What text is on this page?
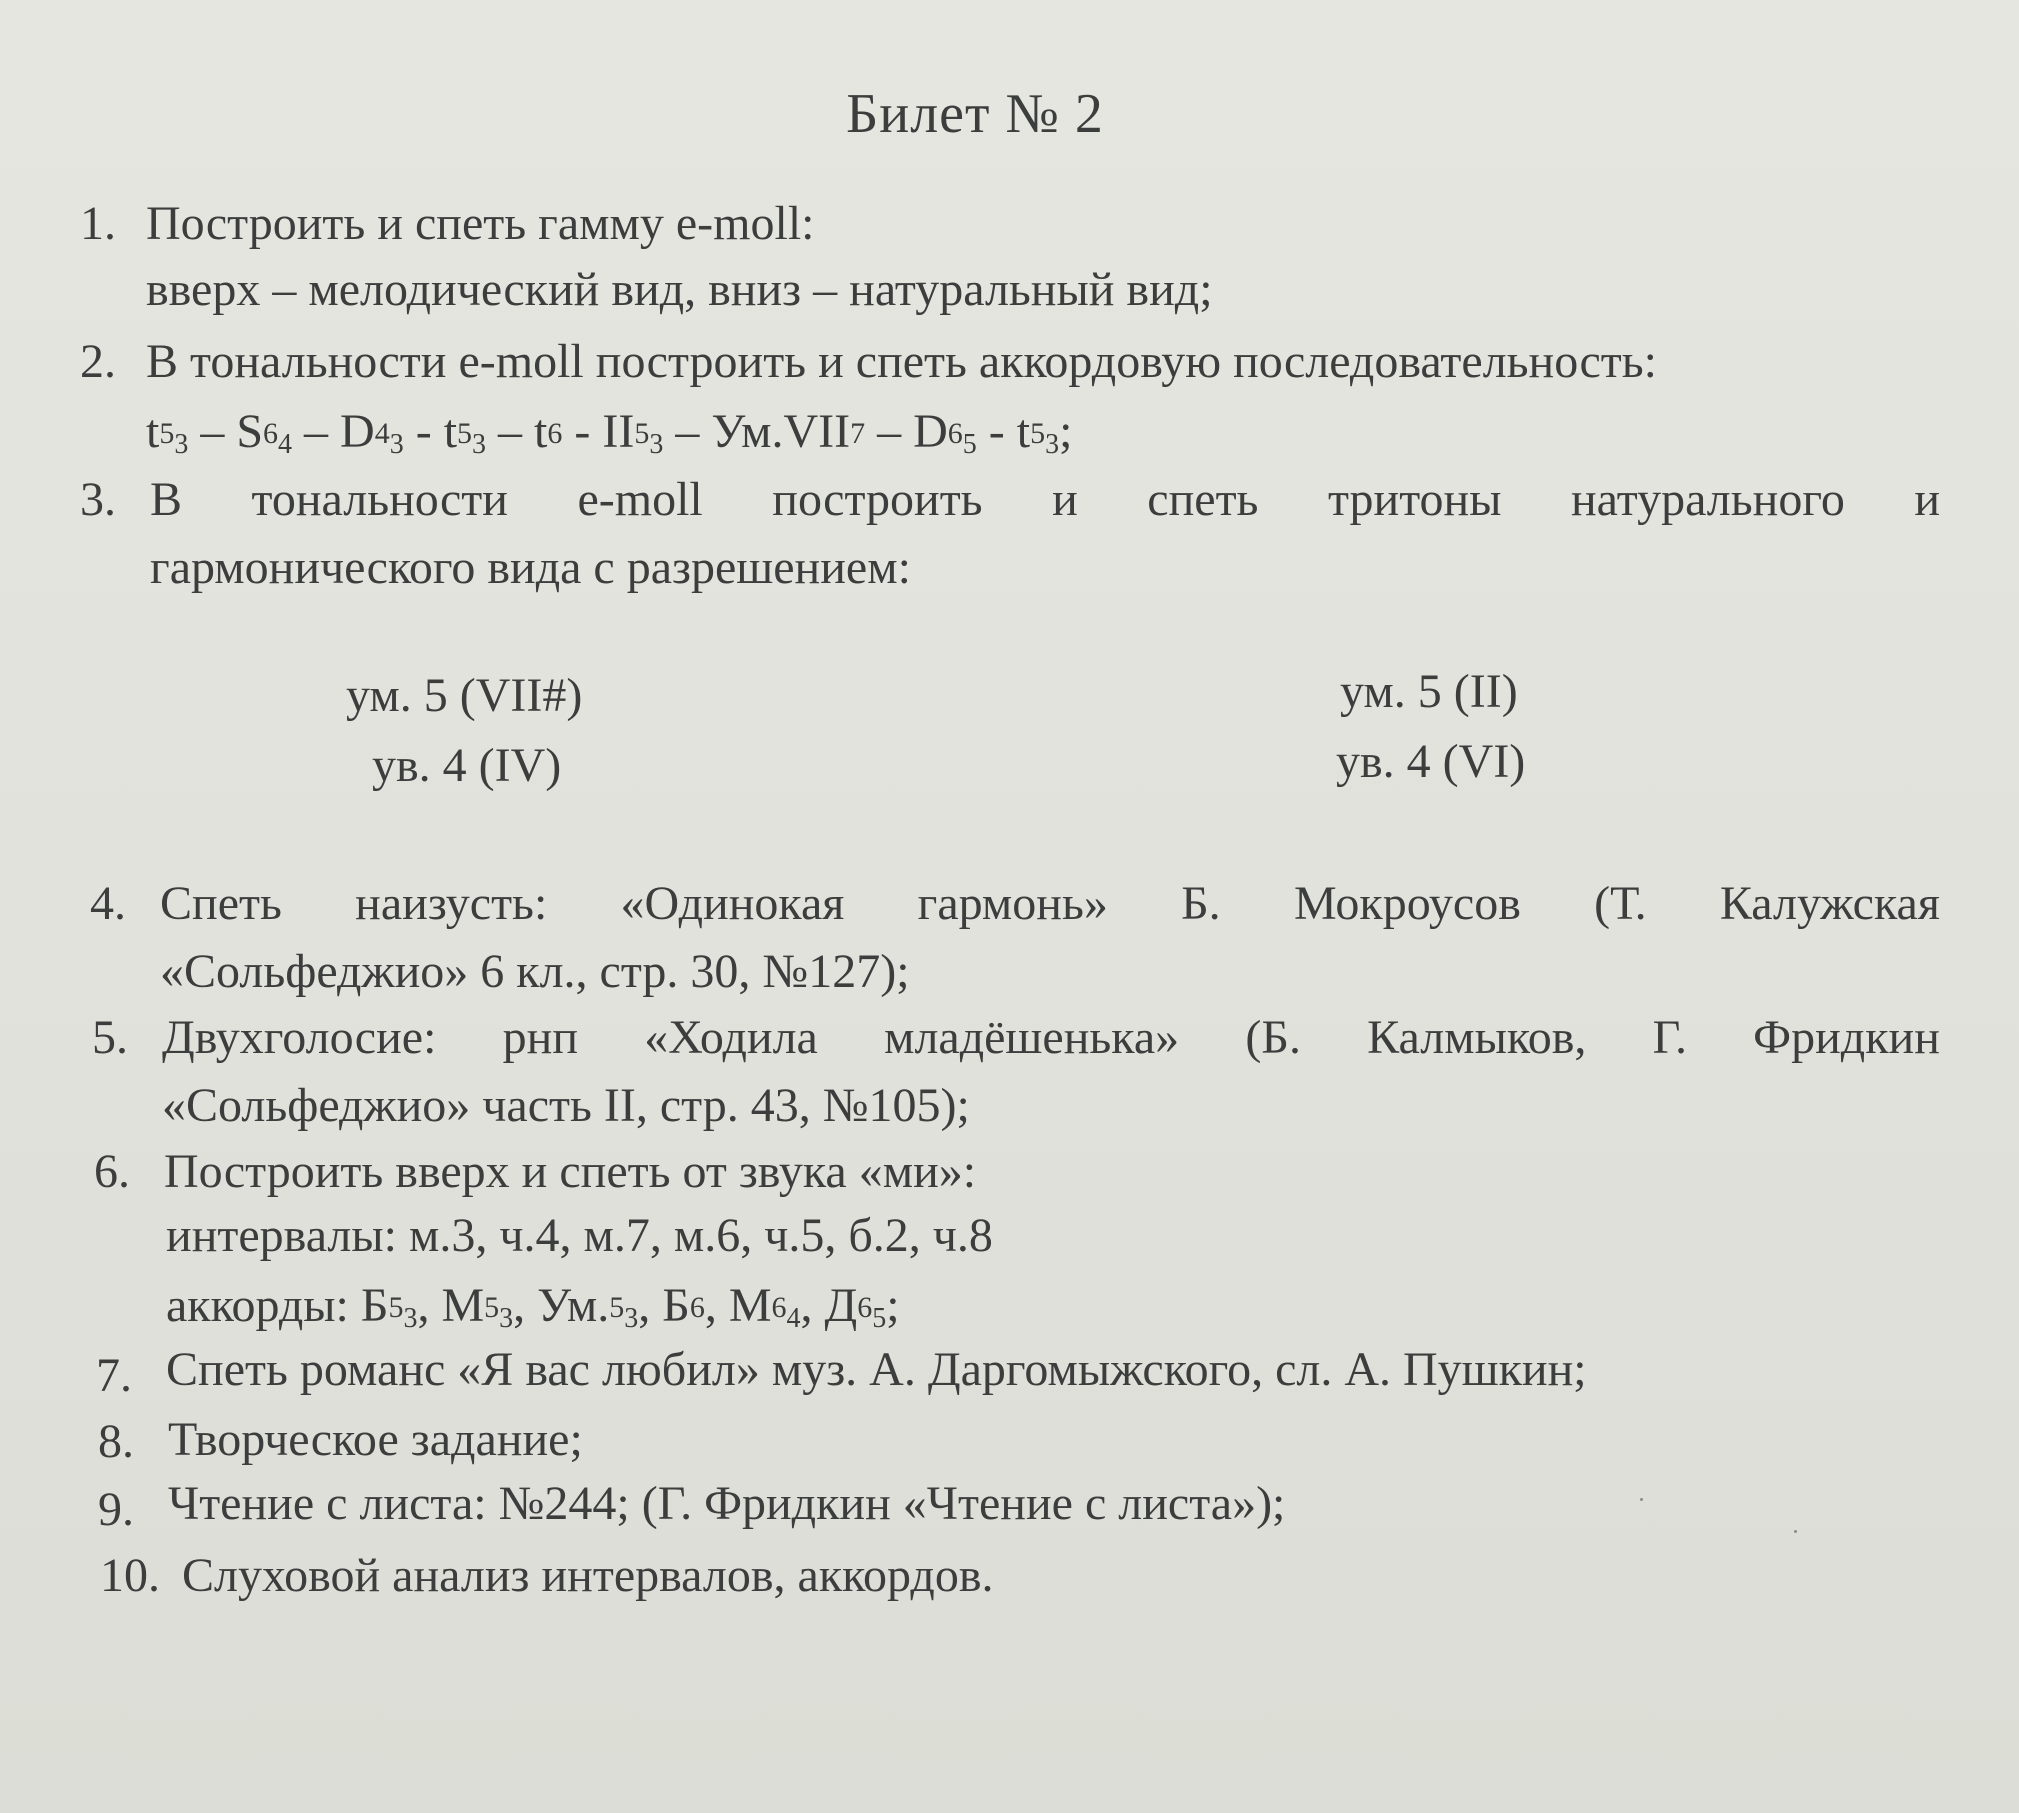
Билет № 2
1. Построить и спеть гамму e-moll:
вверх – мелодический вид, вниз – натуральный вид;
2. В тональности e-moll построить и спеть аккордовую последовательность:
$t5_3 - S6_4 - D4_3 - t5_3 - t6 - II5_3 - Ум.VII7 - D6_5 - t5_3$;
3. В тональности e-moll построить и спеть тритоны натурального и
гармонического вида с разрешением:
ум. 5 (VII#)
ув. 4 (IV)
ум. 5 (II)
ув. 4 (VI)
4. Спеть наизусть: «Одинокая гармонь» Б. Мокроусов (Т. Калужская
«Сольфеджио» 6 кл., стр. 30, №127);
5. Двухголосие: рнп «Ходила младёшенька» (Б. Калмыков, Г. Фридкин
«Сольфеджио» часть II, стр. 43, №105);
6. Построить вверх и спеть от звука «ми»:
интервалы: м.3, ч.4, м.7, м.6, ч.5, б.2, ч.8
аккорды: $Б5_3$, $М5_3$, $Ум.5_3$, Б6, $М6_4$, $Д6_5$;
7. Спеть романс «Я вас любил» муз. А. Даргомыжского, сл. А. Пушкин;
8. Творческое задание;
9. Чтение с листа: №244; (Г. Фридкин «Чтение с листа»);
10. Слуховой анализ интервалов, аккордов.
